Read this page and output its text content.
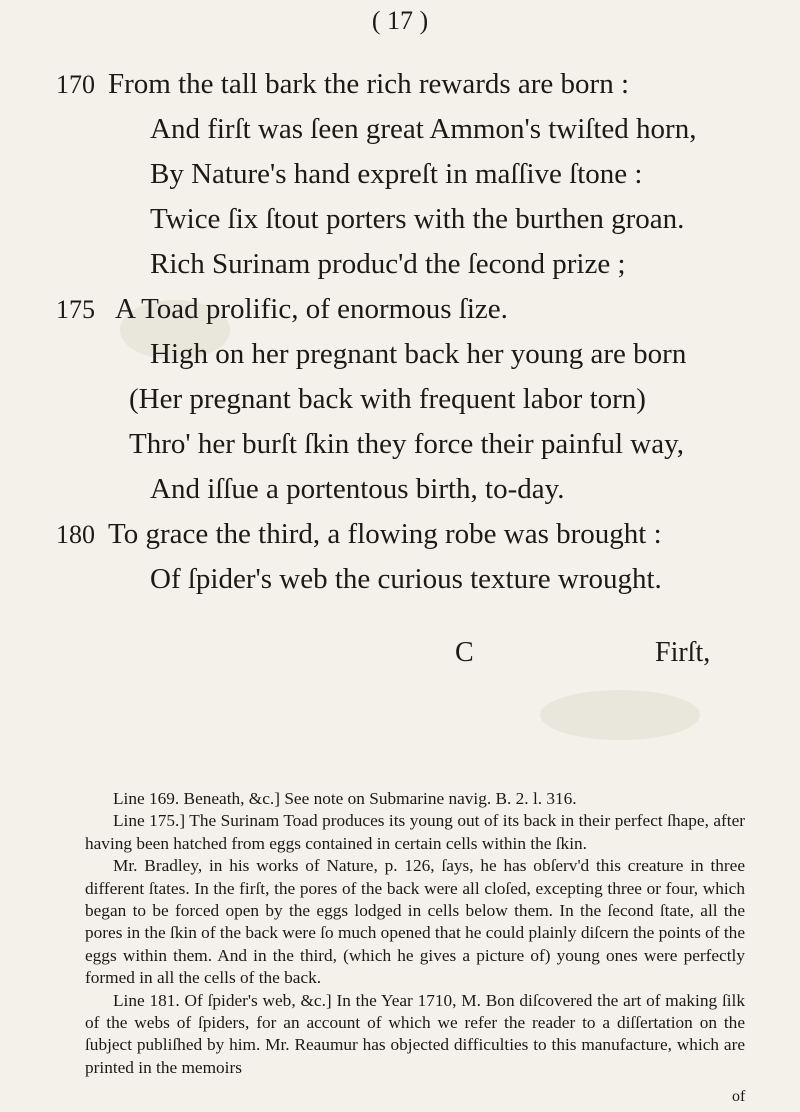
( 17 )
170 From the tall bark the rich rewards are born :
And firſt was ſeen great Ammon's twiſted horn,
By Nature's hand expreſt in maſſive ſtone :
Twice ſix ſtout porters with the burthen groan.
Rich Surinam produc'd the ſecond prize ;
175 A Toad prolific, of enormous ſize.
High on her pregnant back her young are born
(Her pregnant back with frequent labor torn)
Thro' her burſt ſkin they force their painful way,
And iſſue a portentous birth, to-day.
180 To grace the third, a flowing robe was brought :
Of ſpider's web the curious texture wrought.
C	Firſt,

Line 169. Beneath, &c.] See note on Submarine navig. B. 2. l. 316.

Line 175.] The Surinam Toad produces its young out of its back in their perfect ſhape, after having been hatched from eggs contained in certain cells within the ſkin.

Mr. Bradley, in his works of Nature, p. 126, ſays, he has obſerv'd this creature in three different ſtates. In the firſt, the pores of the back were all cloſed, excepting three or four, which began to be forced open by the eggs lodged in cells below them. In the ſecond ſtate, all the pores in the ſkin of the back were ſo much opened that he could plainly diſcern the points of the eggs within them. And in the third, (which he gives a picture of) young ones were perfectly formed in all the cells of the back.

Line 181. Of ſpider's web, &c.] In the Year 1710, M. Bon diſcovered the art of making ſilk of the webs of ſpiders, for an account of which we refer the reader to a diſſertation on the ſubject publiſhed by him. Mr. Reaumur has objected difficulties to this manufacture, which are printed in the memoirs

of
